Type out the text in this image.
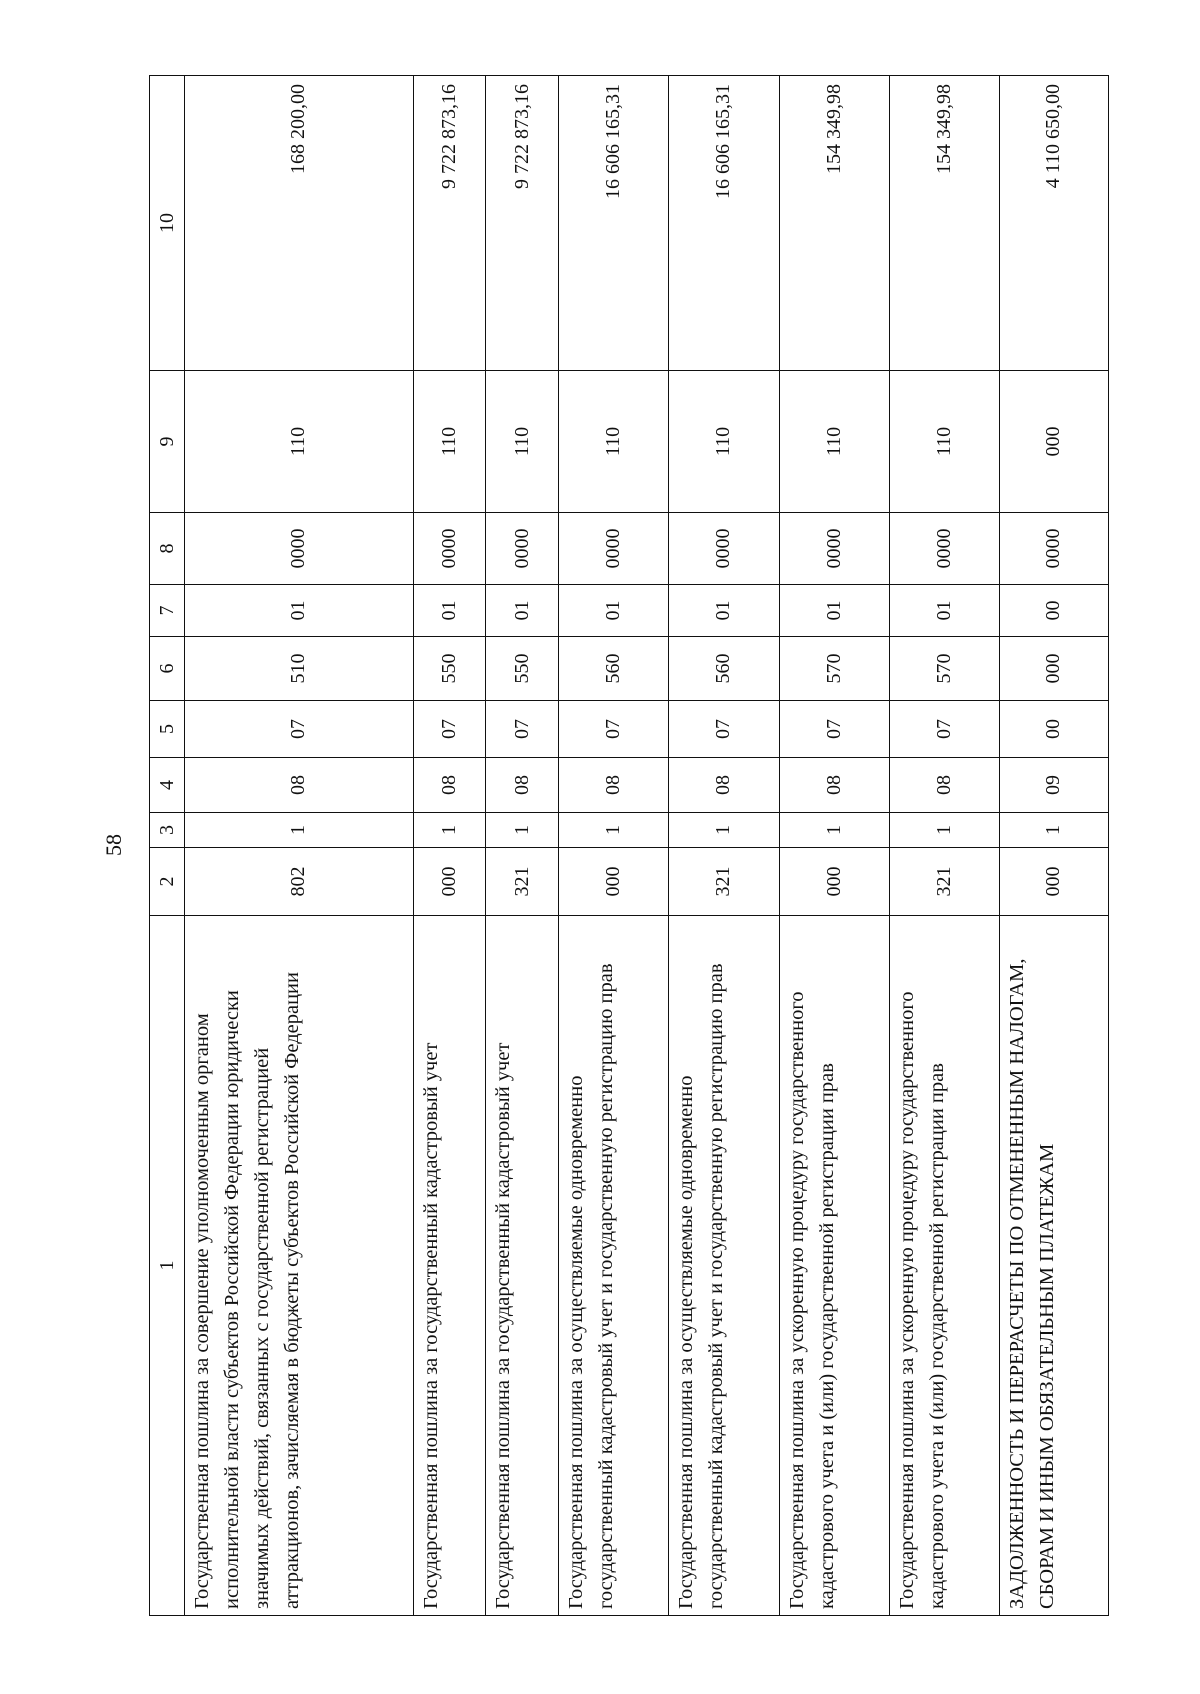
58
1	2	3	4	5	6	7	8	9	10
Государственная пошлина за совершение уполномоченным органом исполнительной власти субъектов Российской Федерации юридически значимых действий, связанных с государственной регистрацией аттракционов, зачисляемая в бюджеты субъектов Российской Федерации	802	1	08	07	510	01	0000	110	168 200,00
Государственная пошлина за государственный кадастровый учет	000	1	08	07	550	01	0000	110	9 722 873,16
Государственная пошлина за государственный кадастровый учет	321	1	08	07	550	01	0000	110	9 722 873,16
Государственная пошлина за осуществляемые одновременно государственный кадастровый учет и государственную регистрацию прав	000	1	08	07	560	01	0000	110	16 606 165,31
Государственная пошлина за осуществляемые одновременно государственный кадастровый учет и государственную регистрацию прав	321	1	08	07	560	01	0000	110	16 606 165,31
Государственная пошлина за ускоренную процедуру государственного кадастрового учета и (или) государственной регистрации прав	000	1	08	07	570	01	0000	110	154 349,98
Государственная пошлина за ускоренную процедуру государственного кадастрового учета и (или) государственной регистрации прав	321	1	08	07	570	01	0000	110	154 349,98
ЗАДОЛЖЕННОСТЬ И ПЕРЕРАСЧЕТЫ ПО ОТМЕНЕННЫМ НАЛОГАМ, СБОРАМ И ИНЫМ ОБЯЗАТЕЛЬНЫМ ПЛАТЕЖАМ	000	1	09	00	000	00	0000	000	4 110 650,00
